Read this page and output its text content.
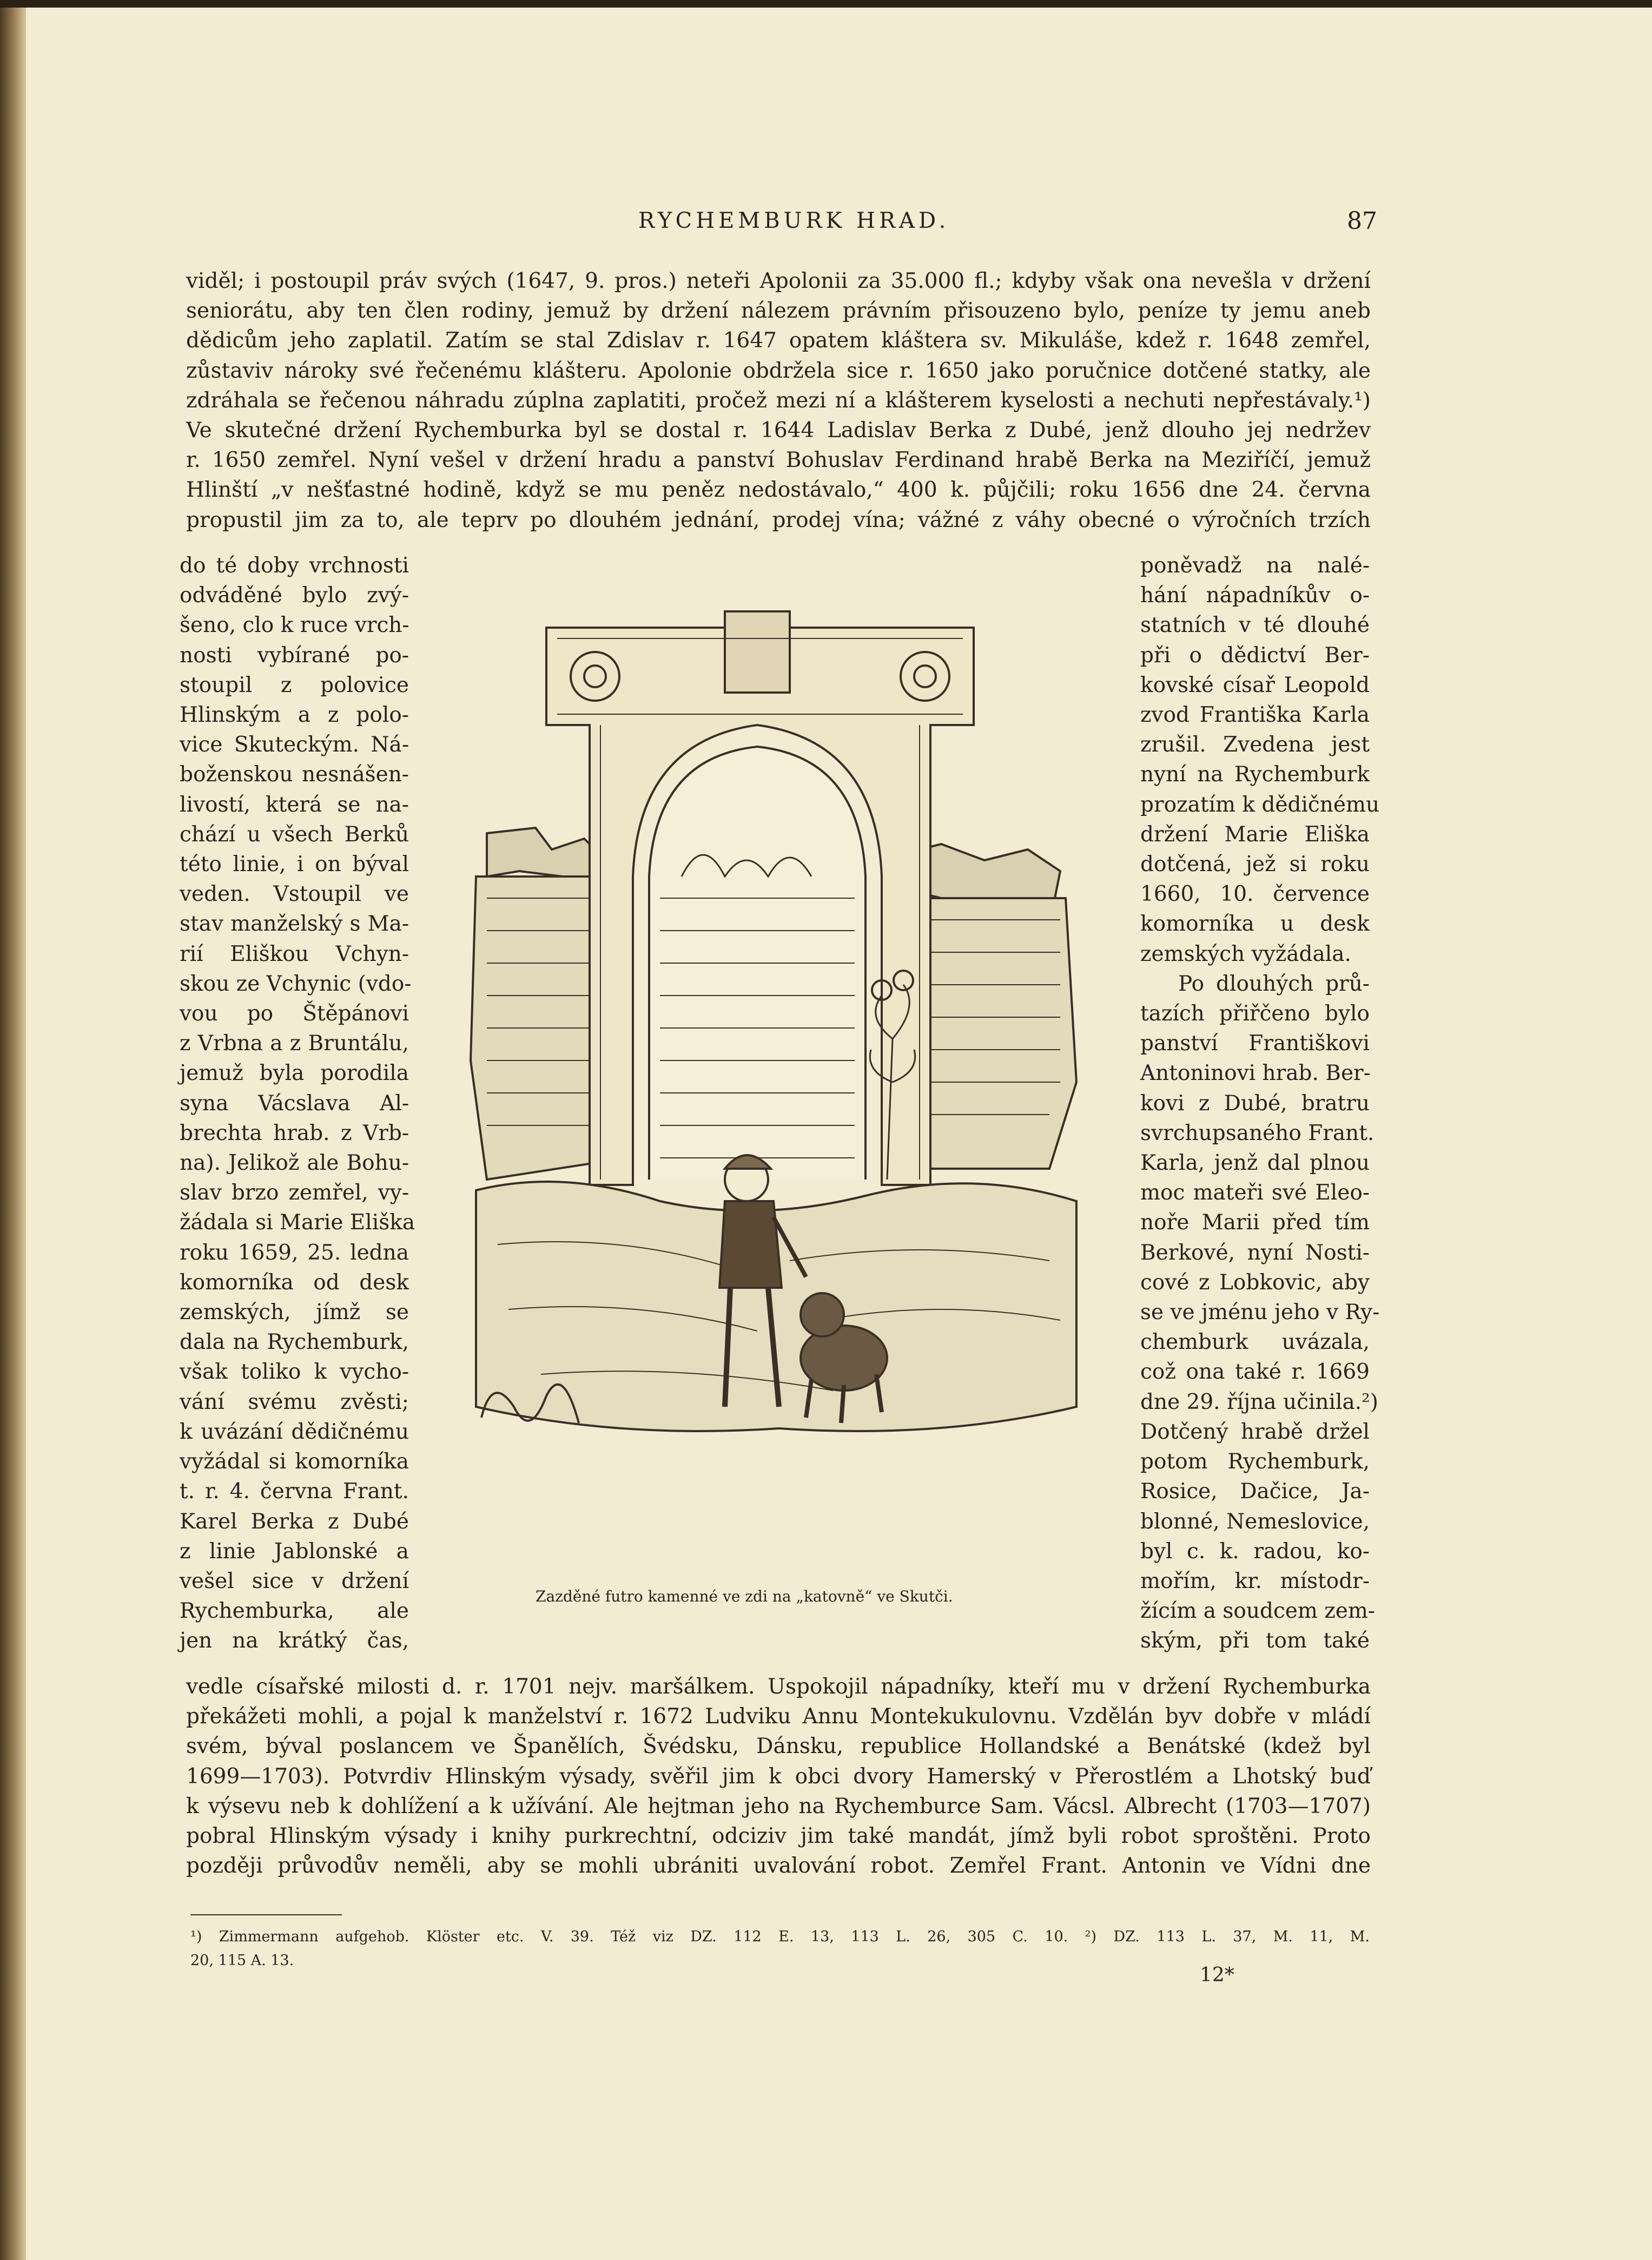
RYCHEMBURK HRAD.	87

viděl; i postoupil práv svých (1647, 9. pros.) neteři Apolonii za 35.000 fl.; kdyby však ona nevešla v držení

seniorátu, aby ten člen rodiny, jemuž by držení nálezem právním přisouzeno bylo, peníze ty jemu aneb

dědicům jeho zaplatil. Zatím se stal Zdislav r. 1647 opatem kláštera sv. Mikuláše, kdež r. 1648 zemřel,

zůstaviv nároky své řečenému klášteru. Apolonie obdržela sice r. 1650 jako poručnice dotčené statky, ale

zdráhala se řečenou náhradu zúplna zaplatiti, pročež mezi ní a klášterem kyselosti a nechuti nepřestávaly.¹)

Ve skutečné držení Rychemburka byl se dostal r. 1644 Ladislav Berka z Dubé, jenž dlouho jej nedržev

r. 1650 zemřel. Nyní vešel v držení hradu a panství Bohuslav Ferdinand hrabě Berka na Meziříčí, jemuž

Hlinští „v nešťastné hodině, když se mu peněz nedostávalo,“ 400 k. půjčili; roku 1656 dne 24. června

propustil jim za to, ale teprv po dlouhém jednání, prodej vína; vážné z váhy obecné o výročních trzích

do té doby vrchnosti

odváděné bylo zvý-

šeno, clo k ruce vrch-

nosti vybírané po-

stoupil z polovice

Hlinským a z polo-

vice Skuteckým. Ná-

boženskou nesnášen-

livostí, která se na-

chází u všech Berků

této linie, i on býval

veden. Vstoupil ve

stav manželský s Ma-

rií Eliškou Vchyn-

skou ze Vchynic (vdo-

vou po Štěpánovi

z Vrbna a z Bruntálu,

jemuž byla porodila

syna Vácslava Al-

brechta hrab. z Vrb-

na). Jelikož ale Bohu-

slav brzo zemřel, vy-

žádala si Marie Eliška

roku 1659, 25. ledna

komorníka od desk

zemských, jímž se

dala na Rychemburk,

však toliko k vycho-

vání svému zvěsti;

k uvázání dědičnému

vyžádal si komorníka

t. r. 4. června Frant.

Karel Berka z Dubé

z linie Jablonské a

vešel sice v držení

Rychemburka, ale

jen na krátký čas,

poněvadž na nalé-

hání nápadníkův o-

statních v té dlouhé

při o dědictví Ber-

kovské císař Leopold

zvod Františka Karla

zrušil. Zvedena jest

nyní na Rychemburk

prozatím k dědičnému

držení Marie Eliška

dotčená, jež si roku

1660, 10. července

komorníka u desk

zemských vyžádala.

Po dlouhých prů-

tazích přiřčeno bylo

panství Františkovi

Antoninovi hrab. Ber-

kovi z Dubé, bratru

svrchupsaného Frant.

Karla, jenž dal plnou

moc mateři své Eleo-

noře Marii před tím

Berkové, nyní Nosti-

cové z Lobkovic, aby

se ve jménu jeho v Ry-

chemburk uvázala,

což ona také r. 1669

dne 29. října učinila.²)

Dotčený hrabě držel

potom Rychemburk,

Rosice, Dačice, Ja-

blonné, Nemeslovice,

byl c. k. radou, ko-

mořím, kr. místodr-

žícím a soudcem zem-

ským, při tom také

Zazděné futro kamenné ve zdi na „katovně“ ve Skutči.

vedle císařské milosti d. r. 1701 nejv. maršálkem. Uspokojil nápadníky, kteří mu v držení Rychemburka

překážeti mohli, a pojal k manželství r. 1672 Ludviku Annu Montekukulovnu. Vzdělán byv dobře v mládí

svém, býval poslancem ve Španělích, Švédsku, Dánsku, republice Hollandské a Benátské (kdež byl

1699—1703). Potvrdiv Hlinským výsady, svěřil jim k obci dvory Hamerský v Přerostlém a Lhotský buď

k výsevu neb k dohlížení a k užívání. Ale hejtman jeho na Rychemburce Sam. Vácsl. Albrecht (1703—1707)

pobral Hlinským výsady i knihy purkrechtní, odciziv jim také mandát, jímž byli robot sproštěni. Proto

později průvodův neměli, aby se mohli ubrániti uvalování robot. Zemřel Frant. Antonin ve Vídni dne

¹) Zimmermann aufgehob. Klöster etc. V. 39. Též viz DZ. 112 E. 13, 113 L. 26, 305 C. 10. ²) DZ. 113 L. 37, M. 11, M.

20, 115 A. 13.

12*
